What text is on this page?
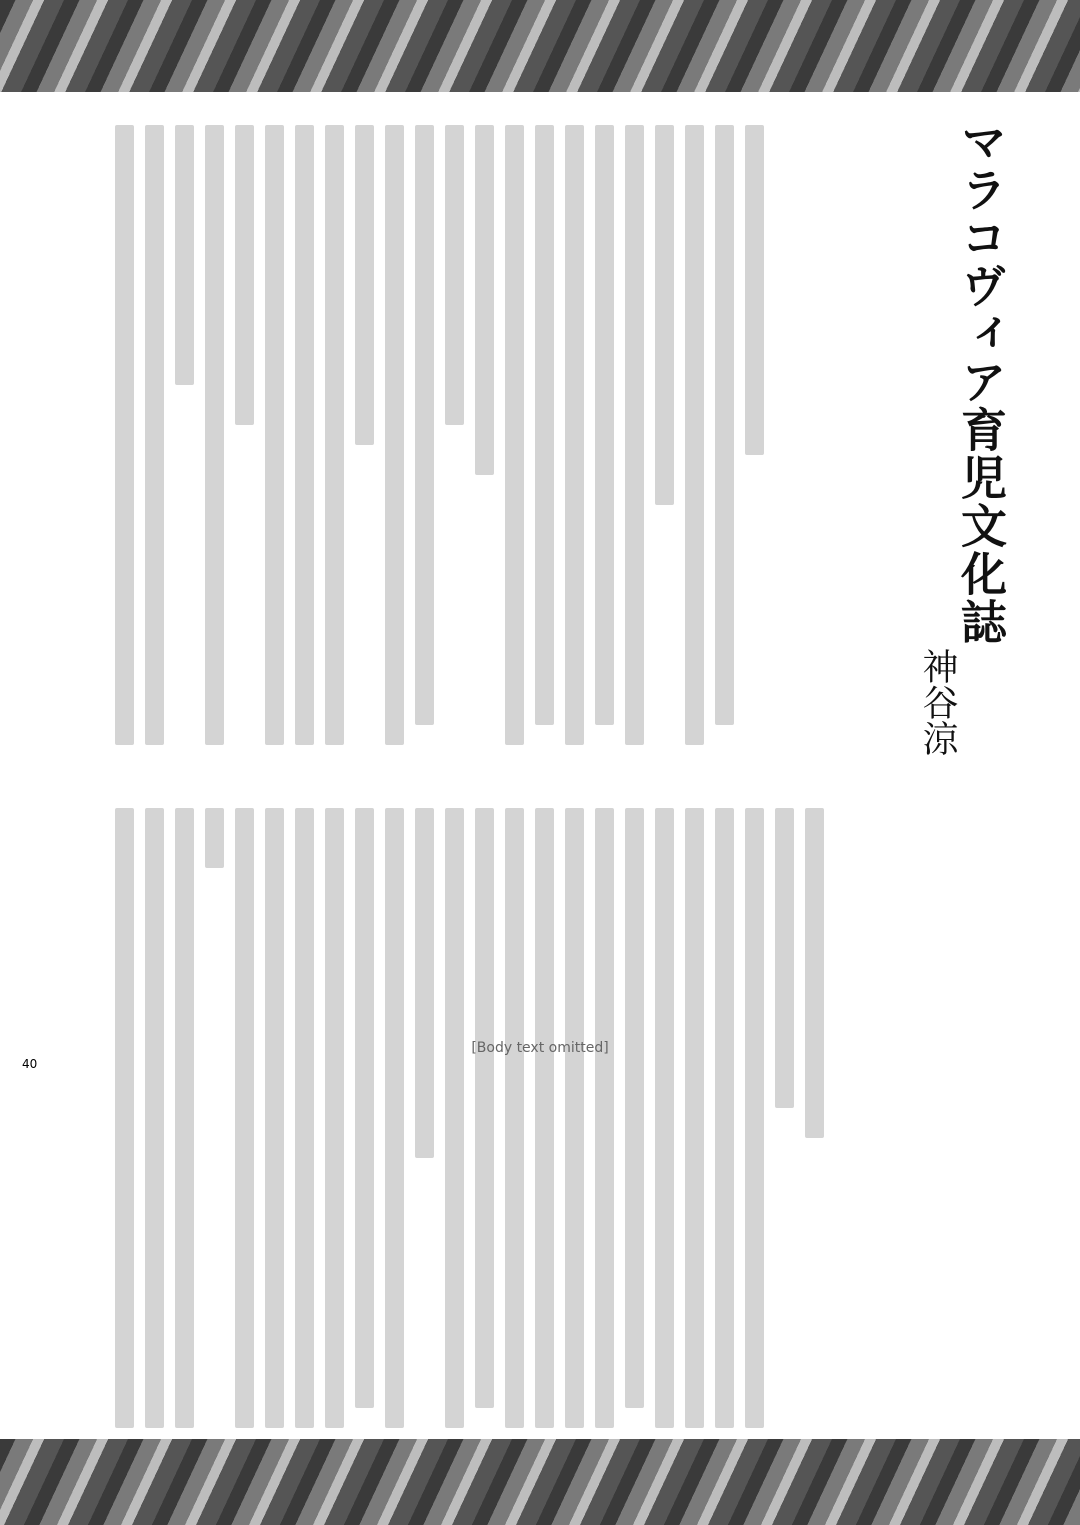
マラコヴィア育児文化誌
神谷涼
[Body text omitted]
40
